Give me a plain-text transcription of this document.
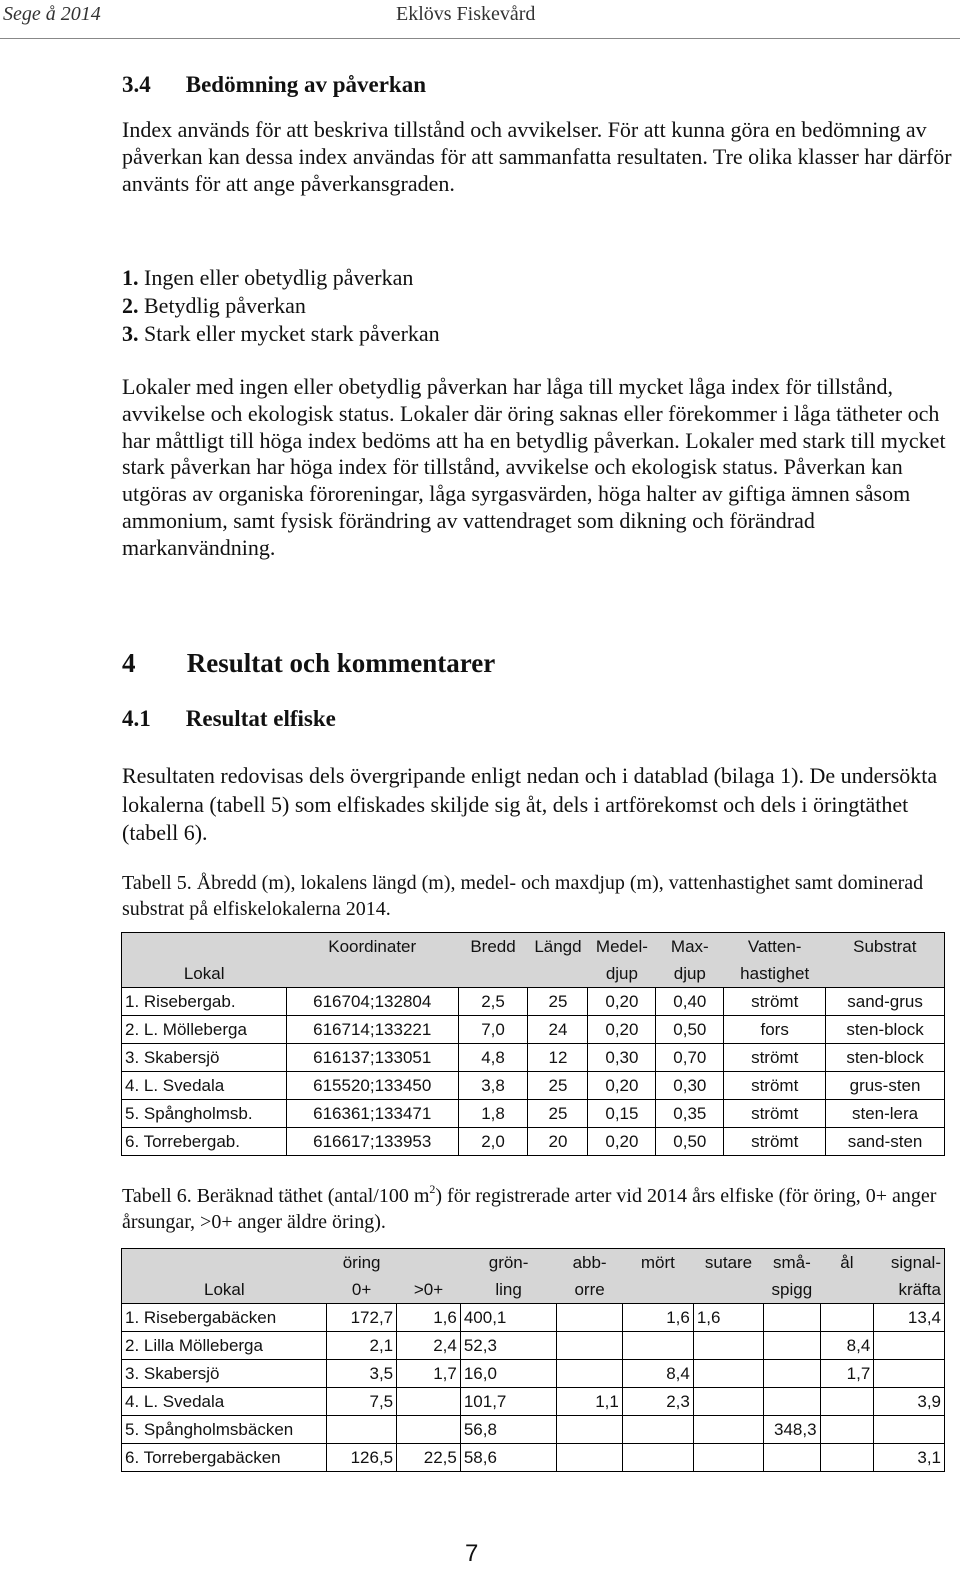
Sege å 2014	Eklövs Fiskevård
3.4 Bedömning av påverkan

Index används för att beskriva tillstånd och avvikelser. För att kunna göra en bedömning av påverkan kan dessa index användas för att sammanfatta resultaten. Tre olika klasser har därför använts för att ange påverkansgraden.

1. Ingen eller obetydlig påverkan
2. Betydlig påverkan
3. Stark eller mycket stark påverkan

Lokaler med ingen eller obetydlig påverkan har låga till mycket låga index för tillstånd, avvikelse och ekologisk status. Lokaler där öring saknas eller förekommer i låga tätheter och har måttligt till höga index bedöms att ha en betydlig påverkan. Lokaler med stark till mycket stark påverkan har höga index för tillstånd, avvikelse och ekologisk status. Påverkan kan utgöras av organiska föroreningar, låga syrgasvärden, höga halter av giftiga ämnen såsom ammonium, samt fysisk förändring av vattendraget som dikning och förändrad markanvändning.

4 Resultat och kommentarer
4.1 Resultat elfiske

Resultaten redovisas dels övergripande enligt nedan och i datablad (bilaga 1). De undersökta lokalerna (tabell 5) som elfiskades skiljde sig åt, dels i artförekomst och dels i öringtäthet (tabell 6).

Tabell 5. Åbredd (m), lokalens längd (m), medel- och maxdjup (m), vattenhastighet samt dominerad substrat på elfiskelokalerna 2014.

	Koordinater	Bredd	Längd	Medel-	Max-	Vatten-	Substrat
Lokal				djup	djup	hastighet	
1. Risebergab.	616704;132804	2,5	25	0,20	0,40	strömt	sand-grus
2. L. Mölleberga	616714;133221	7,0	24	0,20	0,50	fors	sten-block
3. Skabersjö	616137;133051	4,8	12	0,30	0,70	strömt	sten-block
4. L. Svedala	615520;133450	3,8	25	0,20	0,30	strömt	grus-sten
5. Spångholmsb.	616361;133471	1,8	25	0,15	0,35	strömt	sten-lera
6. Torrebergab.	616617;133953	2,0	20	0,20	0,50	strömt	sand-sten

Tabell 6. Beräknad täthet (antal/100 $m^2$) för registrerade arter vid 2014 års elfiske (för öring, 0+ anger årsungar, >0+ anger äldre öring).

	öring		grön-	abb-	mört	sutare	små-	ål	signal-
Lokal	0+	>0+	ling	orre			spigg		kräfta
1. Risebergabäcken	172,7	1,6	400,1		1,6	1,6			13,4
2. Lilla Mölleberga	2,1	2,4	52,3					8,4	
3. Skabersjö	3,5	1,7	16,0		8,4			1,7	
4. L. Svedala	7,5		101,7	1,1	2,3				3,9
5. Spångholmsbäcken			56,8				348,3		
6. Torrebergabäcken	126,5	22,5	58,6						3,1
7
